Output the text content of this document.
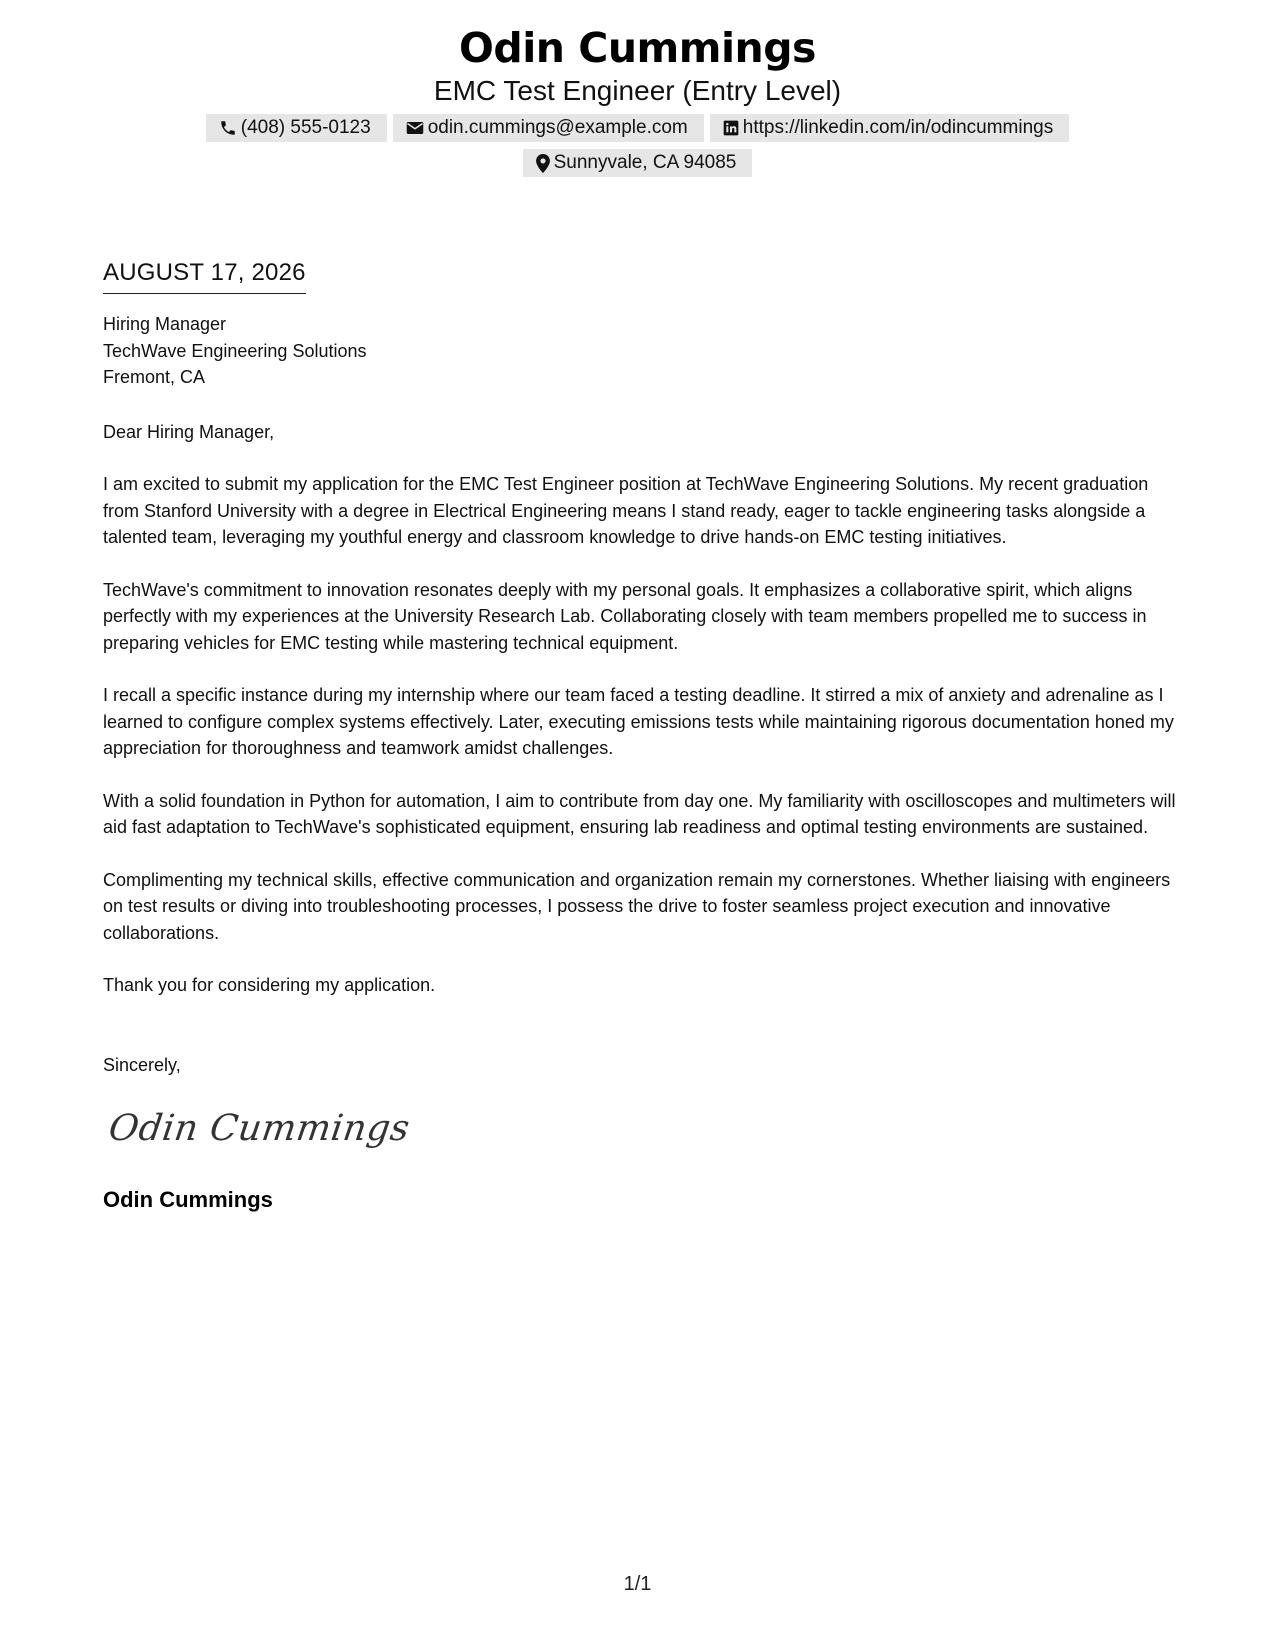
Odin Cummings
EMC Test Engineer (Entry Level)
(408) 555-0123	odin.cummings@example.com	https://linkedin.com/in/odincummings
Sunnyvale, CA 94085
AUGUST 17, 2026
Hiring Manager
TechWave Engineering Solutions
Fremont, CA
Dear Hiring Manager,
I am excited to submit my application for the EMC Test Engineer position at TechWave Engineering Solutions. My recent graduation from Stanford University with a degree in Electrical Engineering means I stand ready, eager to tackle engineering tasks alongside a talented team, leveraging my youthful energy and classroom knowledge to drive hands-on EMC testing initiatives.
TechWave's commitment to innovation resonates deeply with my personal goals. It emphasizes a collaborative spirit, which aligns perfectly with my experiences at the University Research Lab. Collaborating closely with team members propelled me to success in preparing vehicles for EMC testing while mastering technical equipment.
I recall a specific instance during my internship where our team faced a testing deadline. It stirred a mix of anxiety and adrenaline as I learned to configure complex systems effectively. Later, executing emissions tests while maintaining rigorous documentation honed my appreciation for thoroughness and teamwork amidst challenges.
With a solid foundation in Python for automation, I aim to contribute from day one. My familiarity with oscilloscopes and multimeters will aid fast adaptation to TechWave's sophisticated equipment, ensuring lab readiness and optimal testing environments are sustained.
Complimenting my technical skills, effective communication and organization remain my cornerstones. Whether liaising with engineers on test results or diving into troubleshooting processes, I possess the drive to foster seamless project execution and innovative collaborations.
Thank you for considering my application.
Sincerely,
Odin Cummings
Odin Cummings
1/1
